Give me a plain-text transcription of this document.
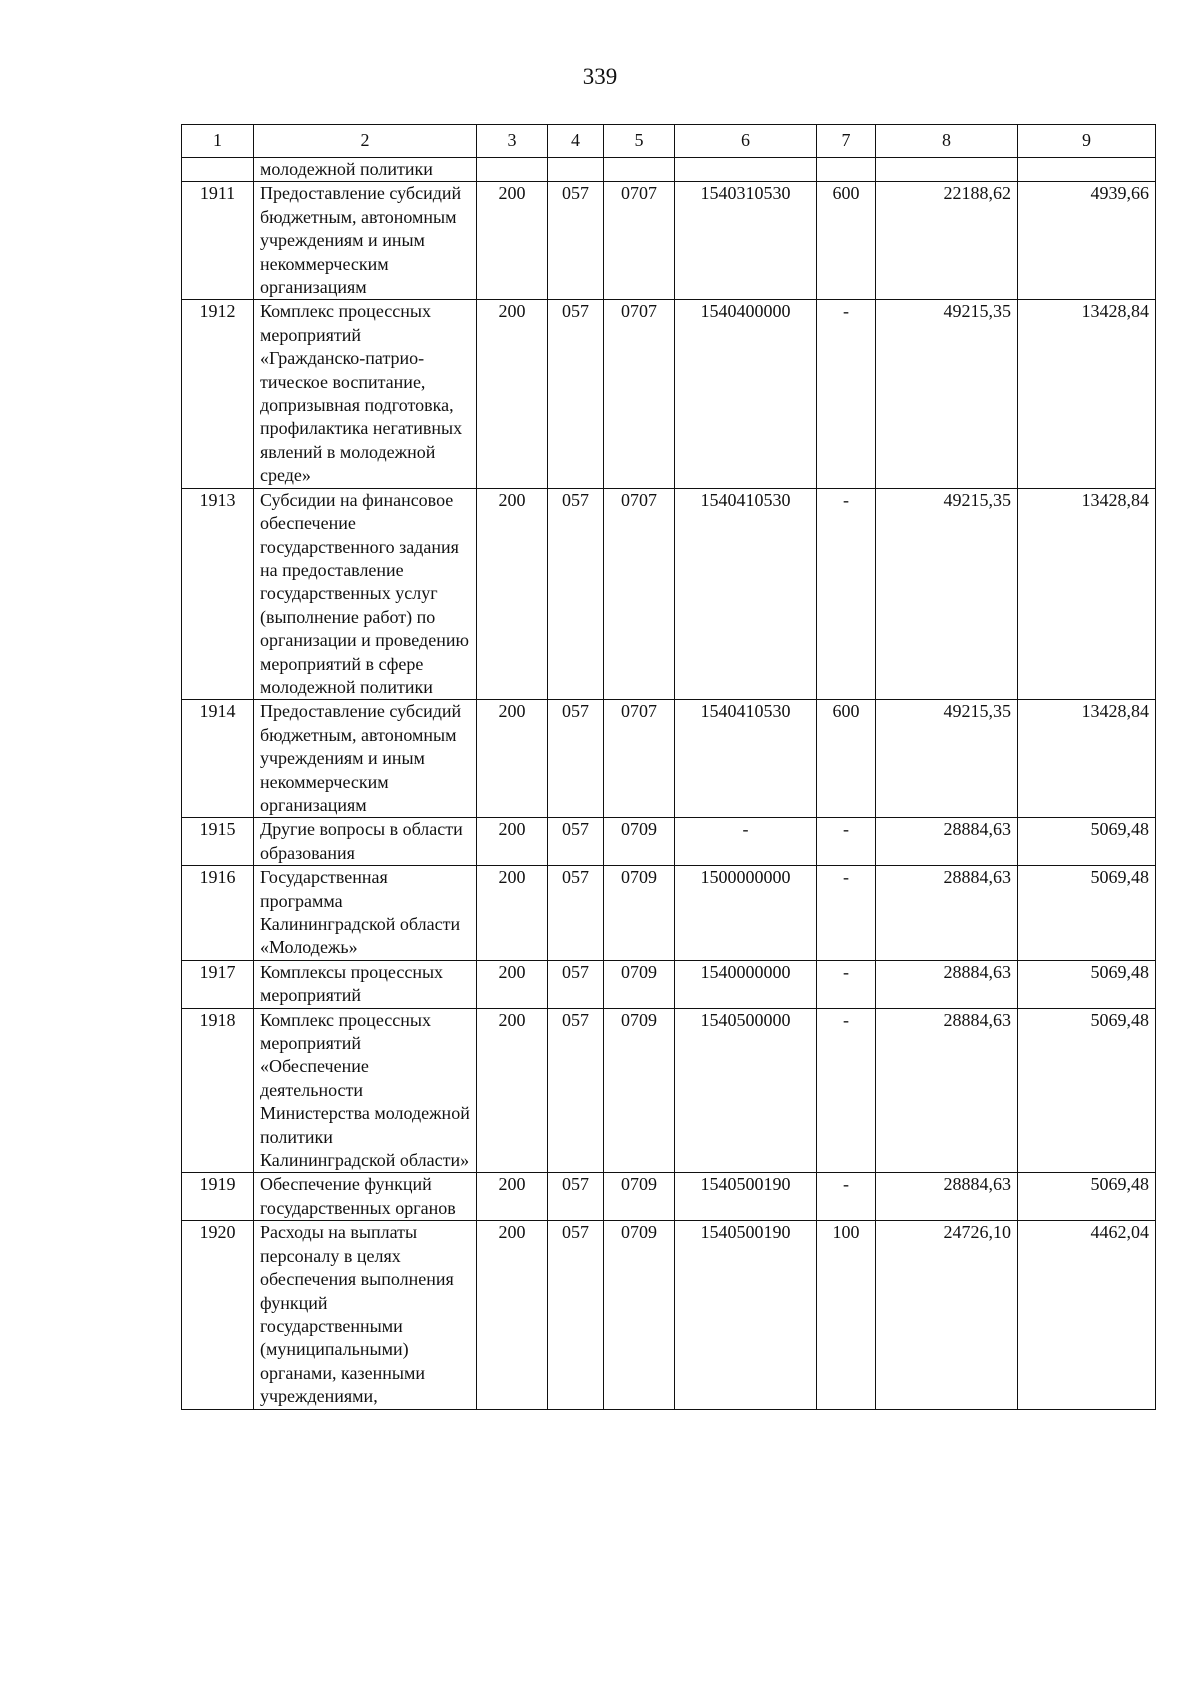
339
1	2	3	4	5	6	7	8	9
	молодежной политики							
1911	Предоставление субсидий бюджетным, автономным учреждениям и иным некоммерческим организациям	200	057	0707	1540310530	600	22188,62	4939,66
1912	Комплекс процессных мероприятий «Гражданско-патрио-тическое воспитание, допризывная подготовка, профилактика негативных явлений в молодежной среде»	200	057	0707	1540400000	-	49215,35	13428,84
1913	Субсидии на финансовое обеспечение государственного задания на предоставление государственных услуг (выполнение работ) по организации и проведению мероприятий в сфере молодежной политики	200	057	0707	1540410530	-	49215,35	13428,84
1914	Предоставление субсидий бюджетным, автономным учреждениям и иным некоммерческим организациям	200	057	0707	1540410530	600	49215,35	13428,84
1915	Другие вопросы в области образования	200	057	0709	-	-	28884,63	5069,48
1916	Государственная программа Калининградской области «Молодежь»	200	057	0709	1500000000	-	28884,63	5069,48
1917	Комплексы процессных мероприятий	200	057	0709	1540000000	-	28884,63	5069,48
1918	Комплекс процессных мероприятий «Обеспечение деятельности Министерства молодежной политики Калининградской области»	200	057	0709	1540500000	-	28884,63	5069,48
1919	Обеспечение функций государственных органов	200	057	0709	1540500190	-	28884,63	5069,48
1920	Расходы на выплаты персоналу в целях обеспечения выполнения функций государственными (муниципальными) органами, казенными учреждениями,	200	057	0709	1540500190	100	24726,10	4462,04
